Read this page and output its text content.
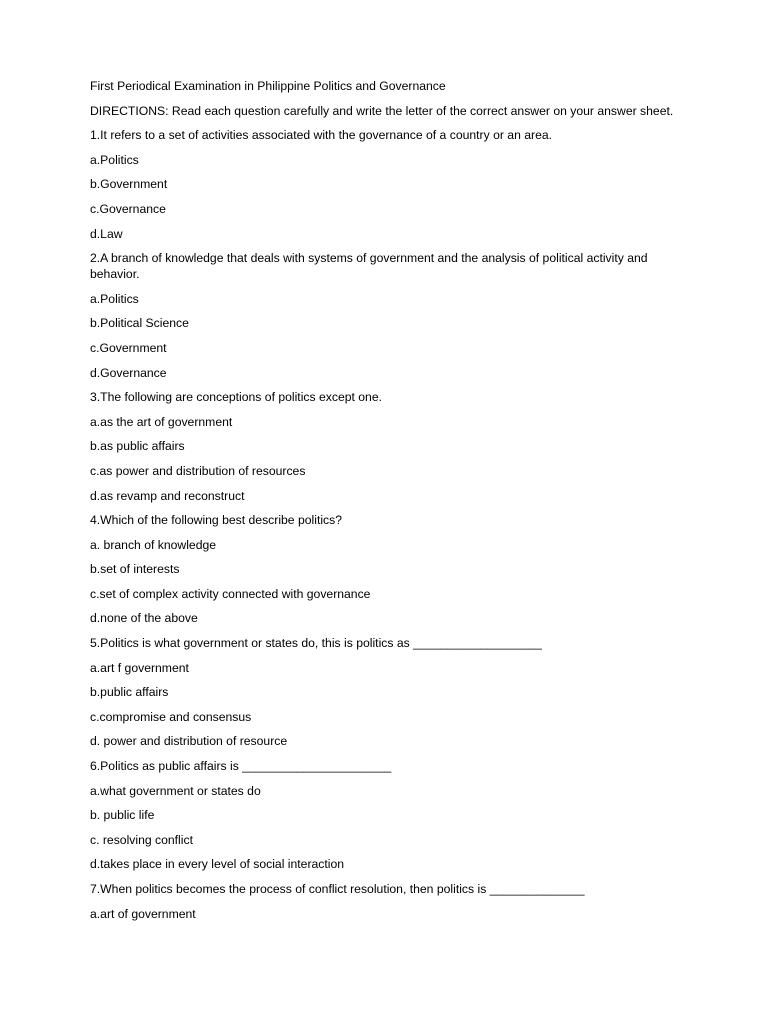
First Periodical Examination in Philippine Politics and Governance

DIRECTIONS: Read each question carefully and write the letter of the correct answer on your answer sheet.

1.It refers to a set of activities associated with the governance of a country or an area.

a.Politics

b.Government

c.Governance

d.Law

2.A branch of knowledge that deals with systems of government and the analysis of political activity and behavior.

a.Politics

b.Political Science

c.Government

d.Governance

3.The following are conceptions of politics except one.

a.as the art of government

b.as public affairs

c.as power and distribution of resources

d.as revamp and reconstruct

4.Which of the following best describe politics?

a. branch of knowledge

b.set of interests

c.set of complex activity connected with governance

d.none of the above

5.Politics is what government or states do, this is politics as ___________________

a.art f government

b.public affairs

c.compromise and consensus

d. power and distribution of resource

6.Politics as public affairs is ______________________

a.what government or states do

b. public life

c. resolving conflict

d.takes place in every level of social interaction

7.When politics becomes the process of conflict resolution, then politics is ______________

a.art of government
